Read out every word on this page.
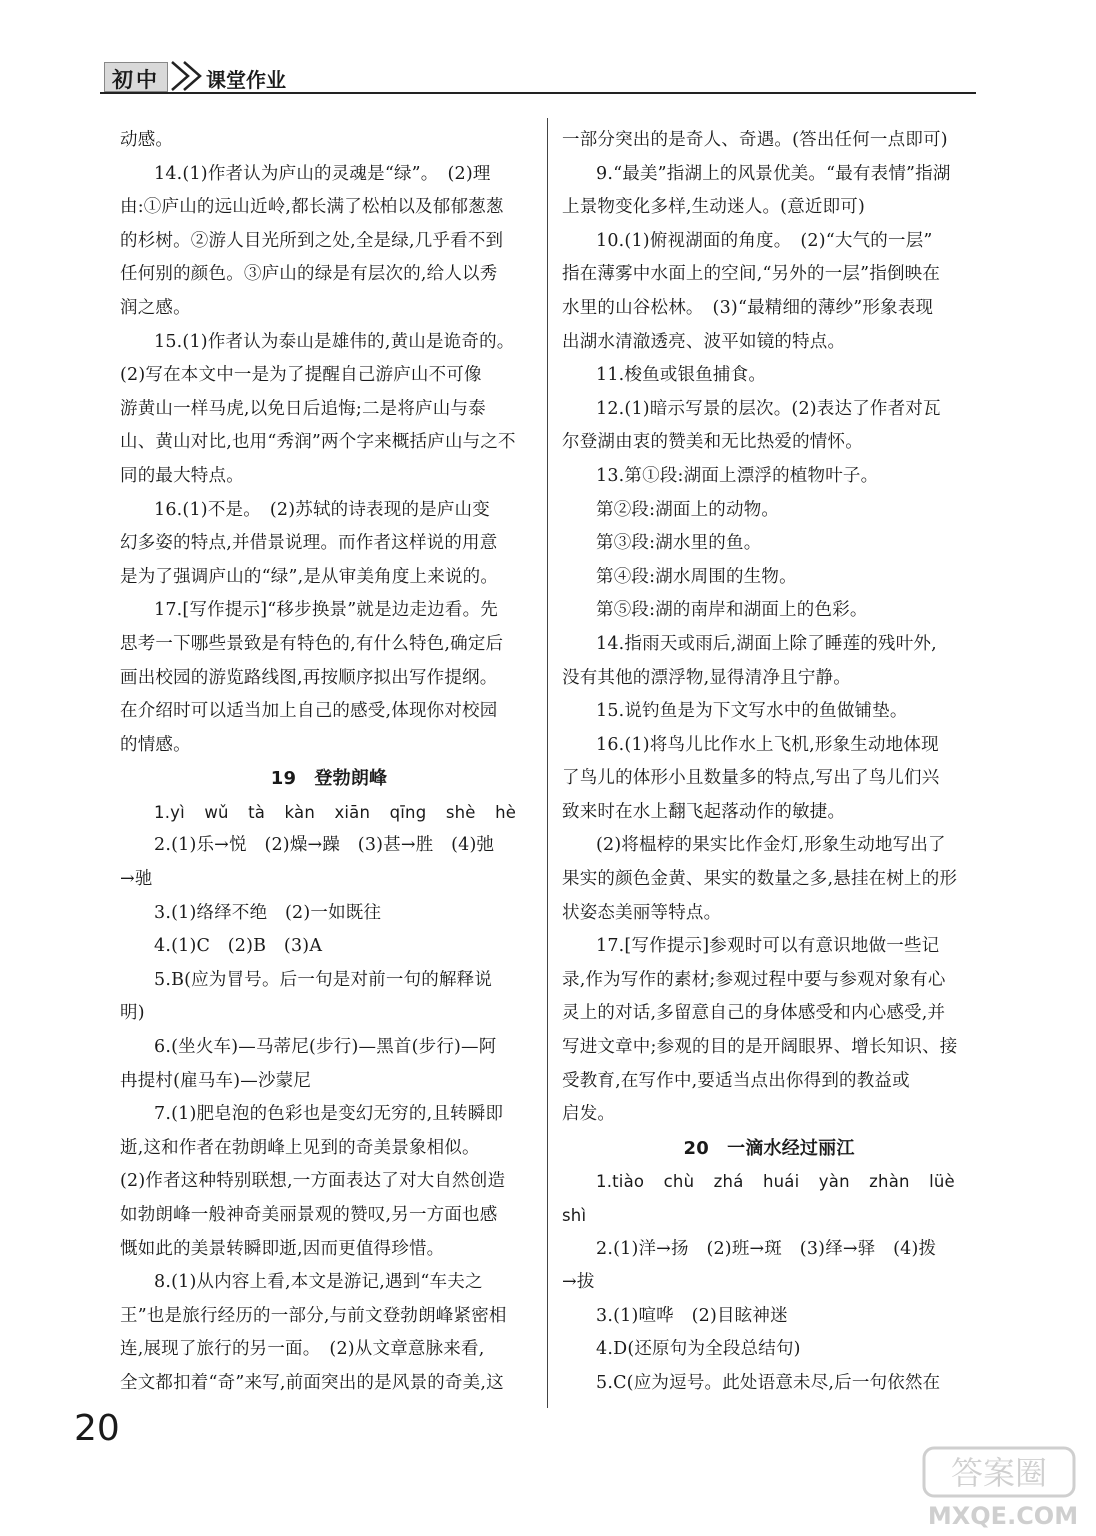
初中 课堂作业
动感。
14.(1)作者认为庐山的灵魂是“绿”。　(2)理
由:①庐山的远山近岭,都长满了松柏以及郁郁葱葱
的杉树。②游人目光所到之处,全是绿,几乎看不到
任何别的颜色。③庐山的绿是有层次的,给人以秀
润之感。
15.(1)作者认为泰山是雄伟的,黄山是诡奇的。
(2)写在本文中一是为了提醒自己游庐山不可像
游黄山一样马虎,以免日后追悔;二是将庐山与泰
山、黄山对比,也用“秀润”两个字来概括庐山与之不
同的最大特点。
16.(1)不是。　(2)苏轼的诗表现的是庐山变
幻多姿的特点,并借景说理。而作者这样说的用意
是为了强调庐山的“绿”,是从审美角度上来说的。
17.[写作提示]“移步换景”就是边走边看。先
思考一下哪些景致是有特色的,有什么特色,确定后
画出校园的游览路线图,再按顺序拟出写作提纲。
在介绍时可以适当加上自己的感受,体现你对校园
的情感。
19　登勃朗峰
1.yì wǔ tà kàn xiān qīng shè hè
2.(1)乐→悦　(2)燥→躁　(3)甚→胜　(4)弛
→驰
3.(1)络绎不绝　(2)一如既往
4.(1)C　(2)B　(3)A
5.B(应为冒号。后一句是对前一句的解释说
明)
6.(坐火车)—马蒂尼(步行)—黑首(步行)—阿
冉提村(雇马车)—沙蒙尼
7.(1)肥皂泡的色彩也是变幻无穷的,且转瞬即
逝,这和作者在勃朗峰上见到的奇美景象相似。
(2)作者这种特别联想,一方面表达了对大自然创造
如勃朗峰一般神奇美丽景观的赞叹,另一方面也感
慨如此的美景转瞬即逝,因而更值得珍惜。
8.(1)从内容上看,本文是游记,遇到“车夫之
王”也是旅行经历的一部分,与前文登勃朗峰紧密相
连,展现了旅行的另一面。　(2)从文章意脉来看,
全文都扣着“奇”来写,前面突出的是风景的奇美,这
一部分突出的是奇人、奇遇。(答出任何一点即可)
9.“最美”指湖上的风景优美。“最有表情”指湖
上景物变化多样,生动迷人。(意近即可)
10.(1)俯视湖面的角度。　(2)“大气的一层”
指在薄雾中水面上的空间,“另外的一层”指倒映在
水里的山谷松林。　(3)“最精细的薄纱”形象表现
出湖水清澈透亮、波平如镜的特点。
11.梭鱼或银鱼捕食。
12.(1)暗示写景的层次。(2)表达了作者对瓦
尔登湖由衷的赞美和无比热爱的情怀。
13.第①段:湖面上漂浮的植物叶子。
第②段:湖面上的动物。
第③段:湖水里的鱼。
第④段:湖水周围的生物。
第⑤段:湖的南岸和湖面上的色彩。
14.指雨天或雨后,湖面上除了睡莲的残叶外,
没有其他的漂浮物,显得清净且宁静。
15.说钓鱼是为下文写水中的鱼做铺垫。
16.(1)将鸟儿比作水上飞机,形象生动地体现
了鸟儿的体形小且数量多的特点,写出了鸟儿们兴
致来时在水上翻飞起落动作的敏捷。
(2)将榅桲的果实比作金灯,形象生动地写出了
果实的颜色金黄、果实的数量之多,悬挂在树上的形
状姿态美丽等特点。
17.[写作提示]参观时可以有意识地做一些记
录,作为写作的素材;参观过程中要与参观对象有心
灵上的对话,多留意自己的身体感受和内心感受,并
写进文章中;参观的目的是开阔眼界、增长知识、接
受教育,在写作中,要适当点出你得到的教益或
启发。
20　一滴水经过丽江
1.tiào chù zhá huái yàn zhàn lüè
shì
2.(1)洋→扬　(2)班→斑　(3)绎→驿　(4)拨
→拔
3.(1)喧哗　(2)目眩神迷
4.D(还原句为全段总结句)
5.C(应为逗号。此处语意未尽,后一句依然在
20
答案圈
MXQE.COM
